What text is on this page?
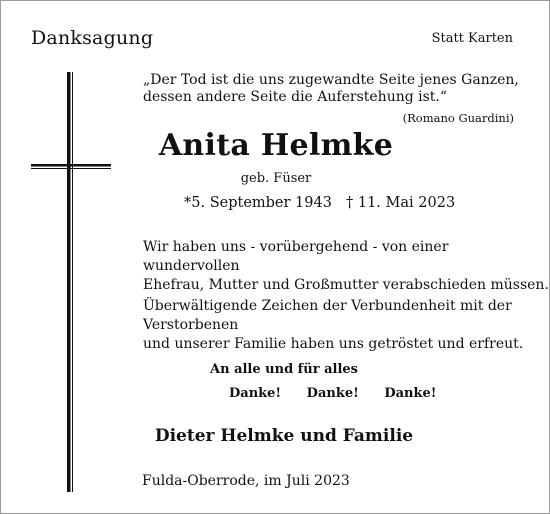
Danksagung	Statt Karten
„Der Tod ist die uns zugewandte Seite jenes Ganzen,
dessen andere Seite die Auferstehung ist.“
(Romano Guardini)
Anita Helmke
geb. Füser
*5. September 1943 † 11. Mai 2023
Wir haben uns - vorübergehend - von einer wundervollen
Ehefrau, Mutter und Großmutter verabschieden müssen.
Überwältigende Zeichen der Verbundenheit mit der Verstorbenen
und unserer Familie haben uns getröstet und erfreut.
An alle und für alles
Danke! Danke! Danke!
Dieter Helmke und Familie
Fulda-Oberrode, im Juli 2023
